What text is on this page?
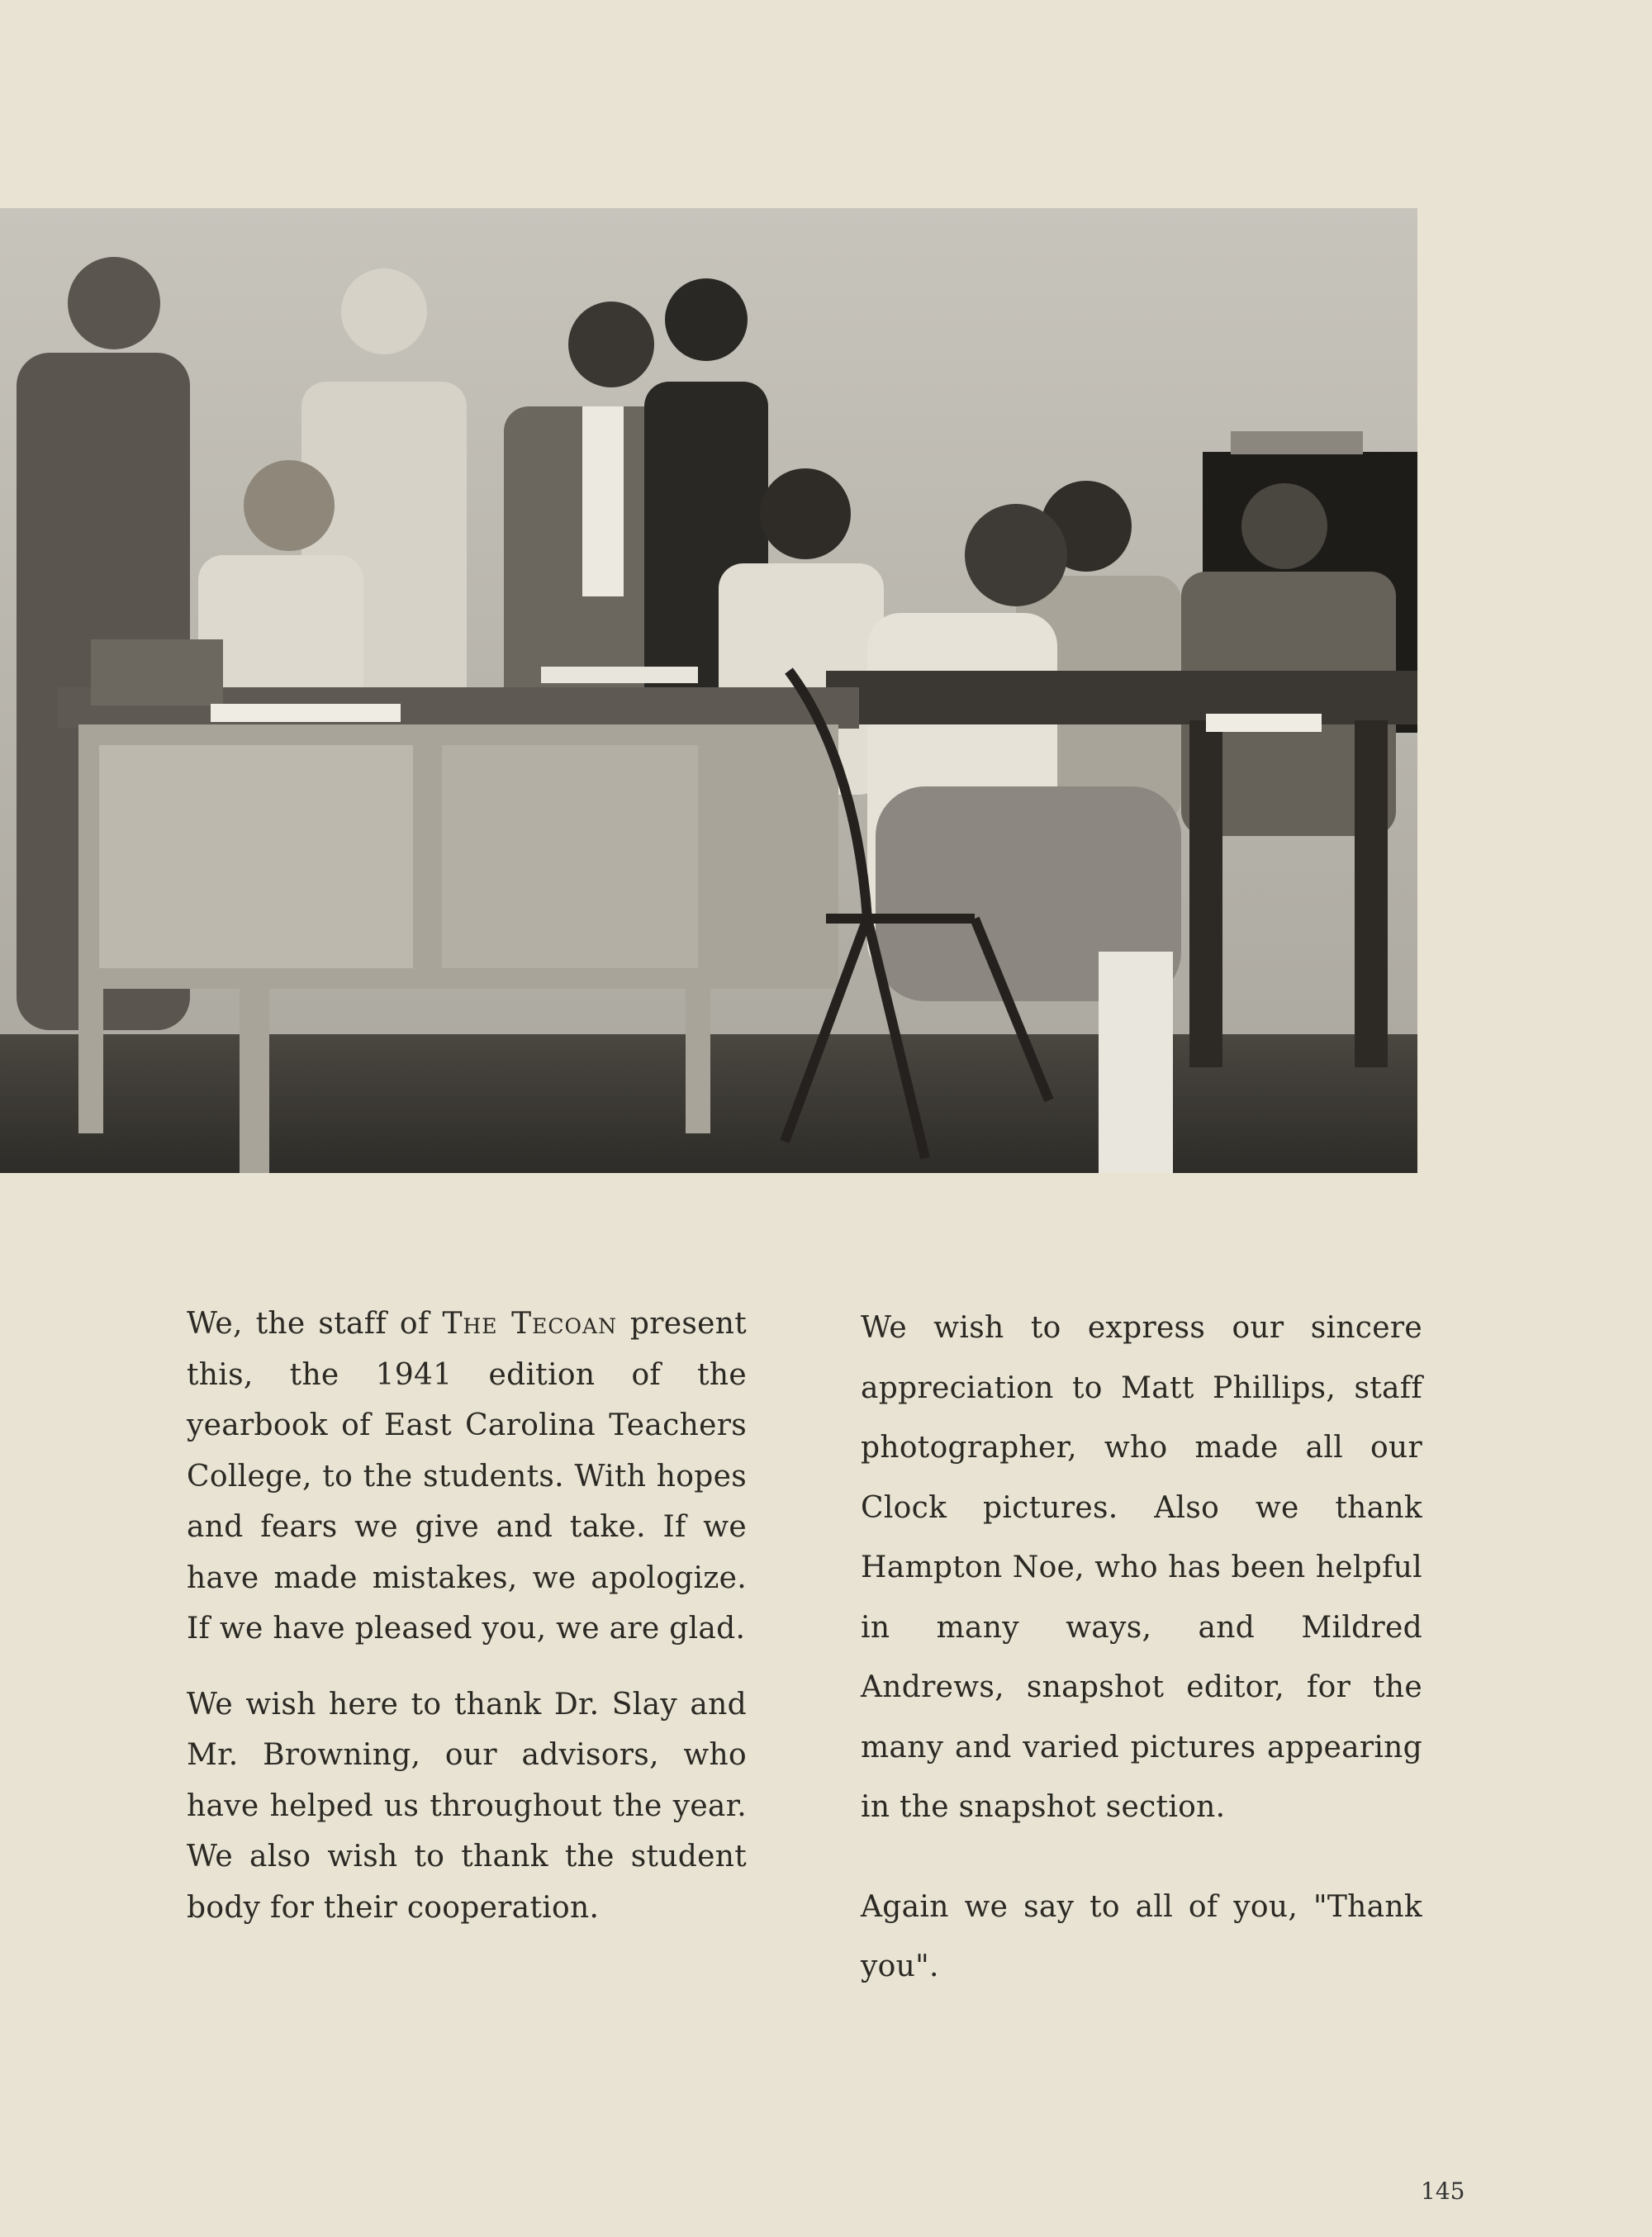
We, the staff of The Tecoan present this, the 1941 edition of the yearbook of East Carolina Teachers College, to the students. With hopes and fears we give and take. If we have made mistakes, we apologize. If we have pleased you, we are glad.

We wish here to thank Dr. Slay and Mr. Browning, our advisors, who have helped us throughout the year. We also wish to thank the student body for their cooperation.

We wish to express our sincere appreciation to Matt Phillips, staff photographer, who made all our Clock pictures. Also we thank Hampton Noe, who has been helpful in many ways, and Mildred Andrews, snapshot editor, for the many and varied pictures appearing in the snapshot section.

Again we say to all of you, "Thank you".

145
